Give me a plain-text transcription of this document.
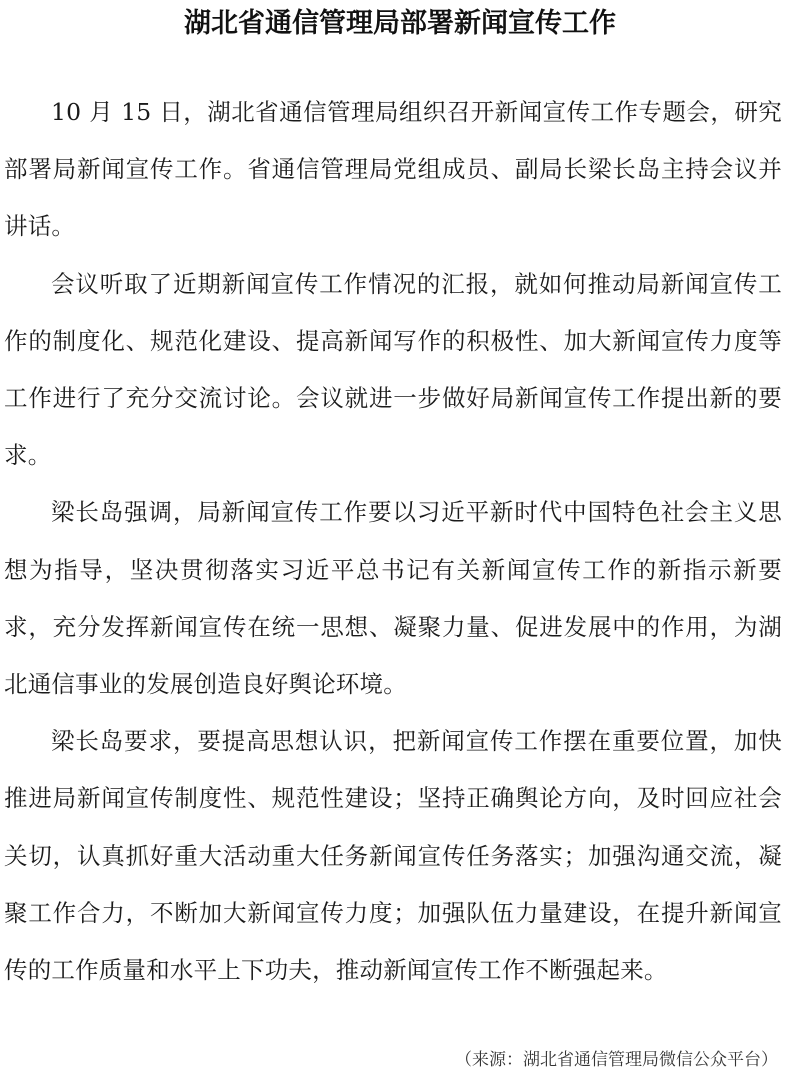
湖北省通信管理局部署新闻宣传工作

10 月 15 日，湖北省通信管理局组织召开新闻宣传工作专题会，研究部署局新闻宣传工作。省通信管理局党组成员、副局长梁长岛主持会议并讲话。

会议听取了近期新闻宣传工作情况的汇报，就如何推动局新闻宣传工作的制度化、规范化建设、提高新闻写作的积极性、加大新闻宣传力度等工作进行了充分交流讨论。会议就进一步做好局新闻宣传工作提出新的要求。

梁长岛强调，局新闻宣传工作要以习近平新时代中国特色社会主义思想为指导，坚决贯彻落实习近平总书记有关新闻宣传工作的新指示新要求，充分发挥新闻宣传在统一思想、凝聚力量、促进发展中的作用，为湖北通信事业的发展创造良好舆论环境。

梁长岛要求，要提高思想认识，把新闻宣传工作摆在重要位置，加快推进局新闻宣传制度性、规范性建设；坚持正确舆论方向，及时回应社会关切，认真抓好重大活动重大任务新闻宣传任务落实；加强沟通交流，凝聚工作合力，不断加大新闻宣传力度；加强队伍力量建设，在提升新闻宣传的工作质量和水平上下功夫，推动新闻宣传工作不断强起来。

（来源：湖北省通信管理局微信公众平台）
